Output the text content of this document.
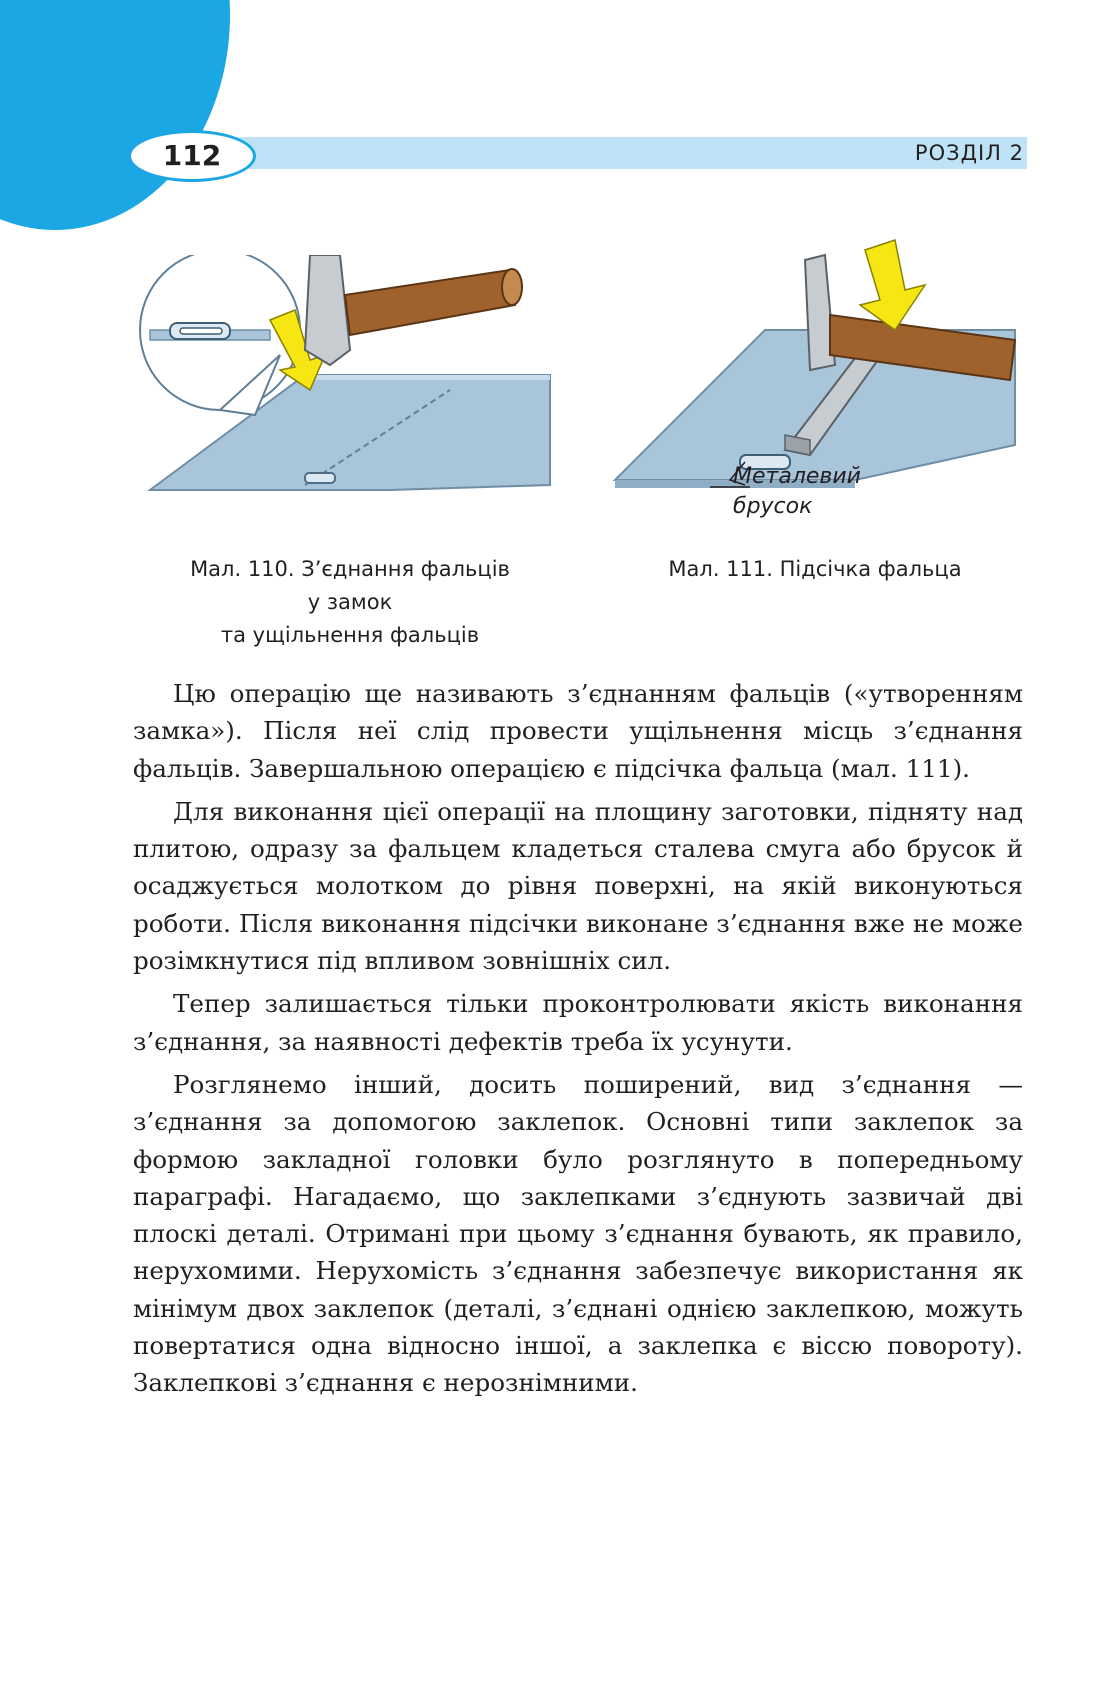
112	РОЗДІЛ 2
Металевий
брусок
Мал. 110. З’єднання фальців
у замок
та ущільнення фальців
Мал. 111. Підсічка фальца

Цю операцію ще називають з’єднанням фальців («утворенням замка»). Після неї слід провести ущільнення місць з’єднання фальців. Завершальною операцією є підсічка фальца (мал. 111).

Для виконання цієї операції на площину заготовки, підняту над плитою, одразу за фальцем кладеться сталева смуга або брусок й осаджується молотком до рівня поверхні, на якій виконуються роботи. Після виконання підсічки виконане з’єднання вже не може розімкнутися під впливом зовнішніх сил.

Тепер залишається тільки проконтролювати якість виконання з’єднання, за наявності дефектів треба їх усунути.

Розглянемо інший, досить поширений, вид з’єднання — з’єднання за допомогою заклепок. Основні типи заклепок за формою закладної головки було розглянуто в попередньому параграфі. Нагадаємо, що заклепками з’єднують зазвичай дві плоскі деталі. Отримані при цьому з’єднання бувають, як правило, нерухомими. Нерухомість з’єднання забезпечує використання як мінімум двох заклепок (деталі, з’єднані однією заклепкою, можуть повертатися одна відносно іншої, а заклепка є віссю повороту). Заклепкові з’єднання є нерознімними.
